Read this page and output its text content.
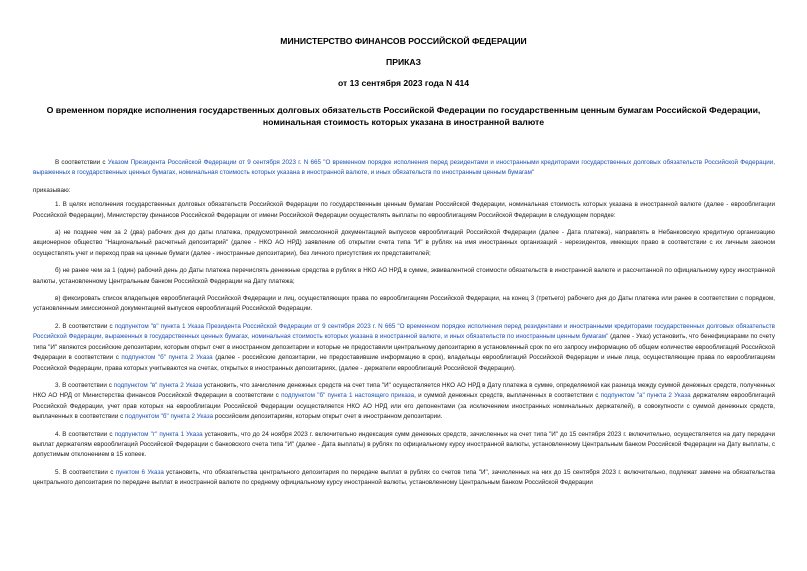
МИНИСТЕРСТВО ФИНАНСОВ РОССИЙСКОЙ ФЕДЕРАЦИИ
ПРИКАЗ
от 13 сентября 2023 года N 414
О временном порядке исполнения государственных долговых обязательств Российской Федерации по государственным ценным бумагам Российской Федерации, номинальная стоимость которых указана в иностранной валюте

В соответствии с Указом Президента Российской Федерации от 9 сентября 2023 г. N 665 "О временном порядке исполнения перед резидентами и иностранными кредиторами государственных долговых обязательств Российской Федерации, выраженных в государственных ценных бумагах, номинальная стоимость которых указана в иностранной валюте, и иных обязательств по иностранным ценным бумагам"

приказываю:

1. В целях исполнения государственных долговых обязательств Российской Федерации по государственным ценным бумагам Российской Федерации, номинальная стоимость которых указана в иностранной валюте (далее - еврооблигации Российской Федерации), Министерству финансов Российской Федерации от имени Российской Федерации осуществлять выплаты по еврооблигациям Российской Федерации в следующем порядке:

а) не позднее чем за 2 (два) рабочих дня до даты платежа, предусмотренной эмиссионной документацией выпусков еврооблигаций Российской Федерации (далее - Дата платежа), направлять в Небанковскую кредитную организацию акционерное общество "Национальный расчетный депозитарий" (далее - НКО АО НРД) заявление об открытии счета типа "И" в рублях на имя иностранных организаций - нерезидентов, имеющих право в соответствии с их личным законом осуществлять учет и переход прав на ценные бумаги (далее - иностранные депозитарии), без личного присутствия их представителей;

б) не ранее чем за 1 (один) рабочий день до Даты платежа перечислять денежные средства в рублях в НКО АО НРД в сумме, эквивалентной стоимости обязательств в иностранной валюте и рассчитанной по официальному курсу иностранной валюты, установленному Центральным банком Российской Федерации на Дату платежа;

в) фиксировать список владельцев еврооблигаций Российской Федерации и лиц, осуществляющих права по еврооблигациям Российской Федерации, на конец 3 (третьего) рабочего дня до Даты платежа или ранее в соответствии с порядком, установленным эмиссионной документацией выпусков еврооблигаций Российской Федерации.

2. В соответствии с подпунктом "в" пункта 1 Указа Президента Российской Федерации от 9 сентября 2023 г. N 665 "О временном порядке исполнения перед резидентами и иностранными кредиторами государственных долговых обязательств Российской Федерации, выраженных в государственных ценных бумагах, номинальная стоимость которых указана в иностранной валюте, и иных обязательств по иностранным ценным бумагам" (далее - Указ) установить, что бенефициарами по счету типа "И" являются российские депозитарии, которым открыт счет в иностранном депозитарии и которые не предоставили центральному депозитарию в установленный срок по его запросу информацию об общем количестве еврооблигаций Российской Федерации в соответствии с подпунктом "б" пункта 2 Указа (далее - российские депозитарии, не предоставившие информацию в срок), владельцы еврооблигаций Российской Федерации и иные лица, осуществляющие права по еврооблигациям Российской Федерации, права которых учитываются на счетах, открытых в иностранных депозитариях, (далее - держатели еврооблигаций Российской Федерации).

3. В соответствии с подпунктом "в" пункта 2 Указа установить, что зачисление денежных средств на счет типа "И" осуществляется НКО АО НРД в Дату платежа в сумме, определяемой как разница между суммой денежных средств, полученных НКО АО НРД от Министерства финансов Российской Федерации в соответствии с подпунктом "б" пункта 1 настоящего приказа, и суммой денежных средств, выплаченных в соответствии с подпунктом "а" пункта 2 Указа держателям еврооблигаций Российской Федерации, учет прав которых на еврооблигации Российской Федерации осуществляется НКО АО НРД или его депонентами (за исключением иностранных номинальных держателей), в совокупности с суммой денежных средств, выплаченных в соответствии с подпунктом "б" пункта 2 Указа российским депозитариям, которым открыт счет в иностранном депозитарии.

4. В соответствии с подпунктом "г" пункта 1 Указа установить, что до 24 ноября 2023 г. включительно индексация сумм денежных средств, зачисленных на счет типа "И" до 15 сентября 2023 г. включительно, осуществляется на дату передачи выплат держателям еврооблигаций Российской Федерации с банковского счета типа "И" (далее - Дата выплаты) в рублях по официальному курсу иностранной валюты, установленному Центральным банком Российской Федерации на Дату выплаты, с допустимым отклонением в 15 копеек.

5. В соответствии с пунктом 6 Указа установить, что обязательства центрального депозитария по передаче выплат в рублях со счетов типа "И", зачисленных на них до 15 сентября 2023 г. включительно, подлежат замене на обязательства центрального депозитария по передаче выплат в иностранной валюте по среднему официальному курсу иностранной валюты, установленному Центральным банком Российской Федерации
